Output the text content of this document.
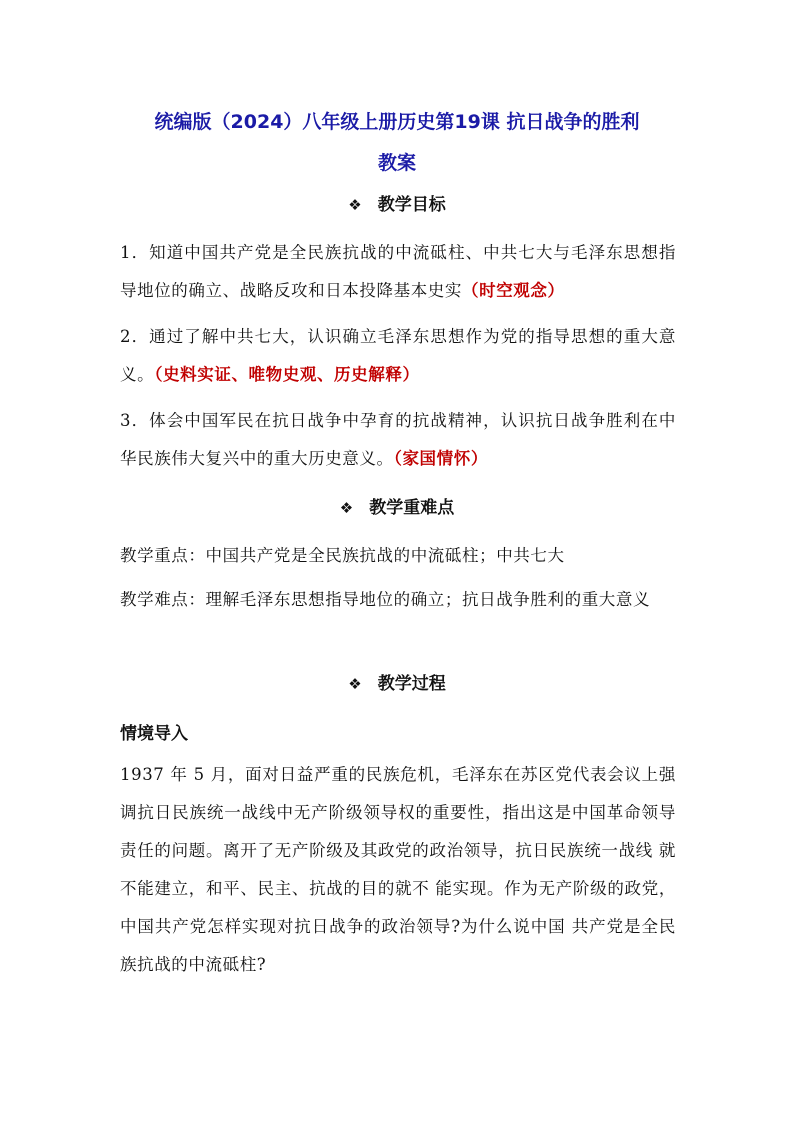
统编版（2024）八年级上册历史第19课 抗日战争的胜利
教案
❖ 教学目标
1．知道中国共产党是全民族抗战的中流砥柱、中共七大与毛泽东思想指导地位的确立、战略反攻和日本投降基本史实（时空观念）
2．通过了解中共七大，认识确立毛泽东思想作为党的指导思想的重大意义。（史料实证、唯物史观、历史解释）
3．体会中国军民在抗日战争中孕育的抗战精神，认识抗日战争胜利在中华民族伟大复兴中的重大历史意义。（家国情怀）
❖ 教学重难点
教学重点：中国共产党是全民族抗战的中流砥柱；中共七大
教学难点：理解毛泽东思想指导地位的确立；抗日战争胜利的重大意义
❖ 教学过程
情境导入
1937 年 5 月，面对日益严重的民族危机，毛泽东在苏区党代表会议上强调抗日民族统一战线中无产阶级领导权的重要性，指出这是中国革命领导责任的问题。离开了无产阶级及其政党的政治领导，抗日民族统一战线 就不能建立，和平、民主、抗战的目的就不 能实现。作为无产阶级的政党，中国共产党怎样实现对抗日战争的政治领导?为什么说中国 共产党是全民族抗战的中流砥柱?
